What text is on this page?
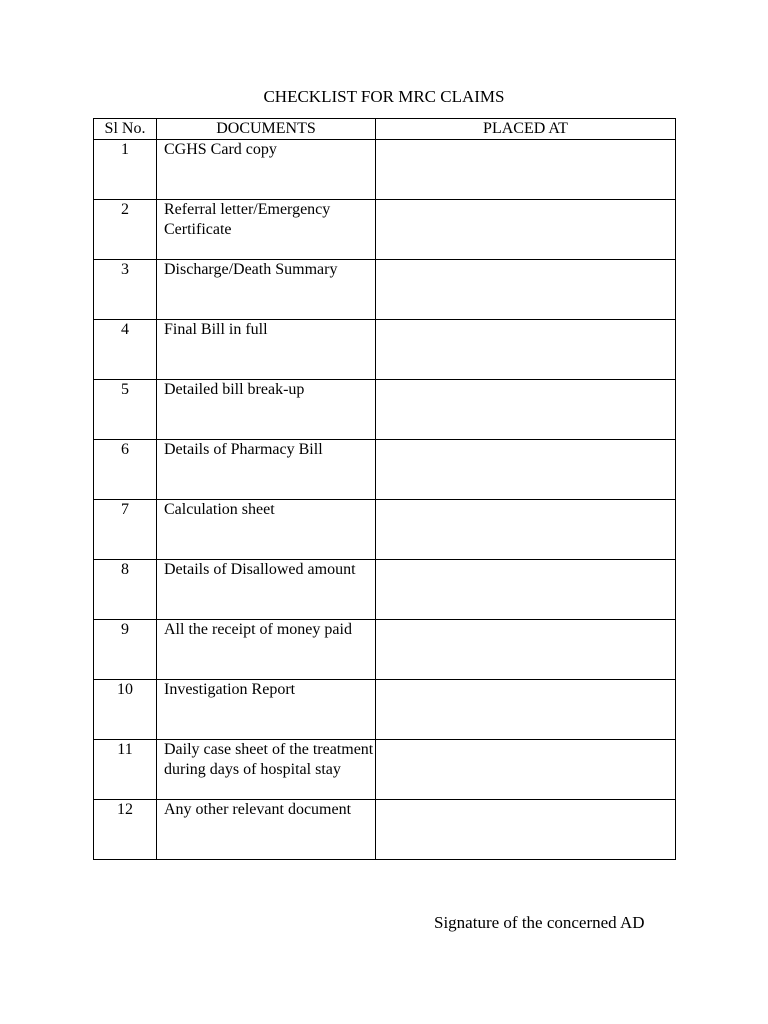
CHECKLIST FOR MRC CLAIMS
Sl No.	DOCUMENTS	PLACED AT
1	CGHS Card copy	
2	Referral letter/Emergency Certificate	
3	Discharge/Death Summary	
4	Final Bill in full	
5	Detailed bill break-up	
6	Details of Pharmacy Bill	
7	Calculation sheet	
8	Details of Disallowed amount	
9	All the receipt of money paid	
10	Investigation Report	
11	Daily case sheet of the treatment during days of hospital stay	
12	Any other relevant document	
Signature of the concerned AD
